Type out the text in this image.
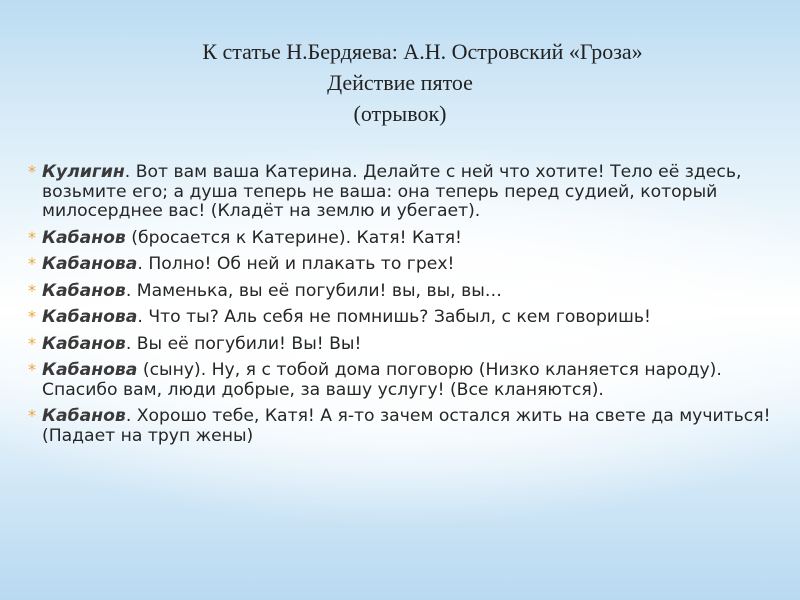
К статье Н.Бердяева: А.Н. Островский «Гроза»
Действие пятое
(отрывок)
* Кулигин. Вот вам ваша Катерина. Делайте с ней что хотите! Тело её здесь, возьмите его; а душа теперь не ваша: она теперь перед судией, который милосерднее вас! (Кладёт на землю и убегает).
* Кабанов (бросается к Катерине). Катя! Катя!
* Кабанова. Полно! Об ней и плакать то грех!
* Кабанов. Маменька, вы её погубили! вы, вы, вы…
* Кабанова. Что ты? Аль себя не помнишь? Забыл, с кем говоришь!
* Кабанов. Вы её погубили! Вы! Вы!
* Кабанова (сыну). Ну, я с тобой дома поговорю (Низко кланяется народу). Спасибо вам, люди добрые, за вашу услугу! (Все кланяются).
* Кабанов. Хорошо тебе, Катя! А я-то зачем остался жить на свете да мучиться! (Падает на труп жены)
